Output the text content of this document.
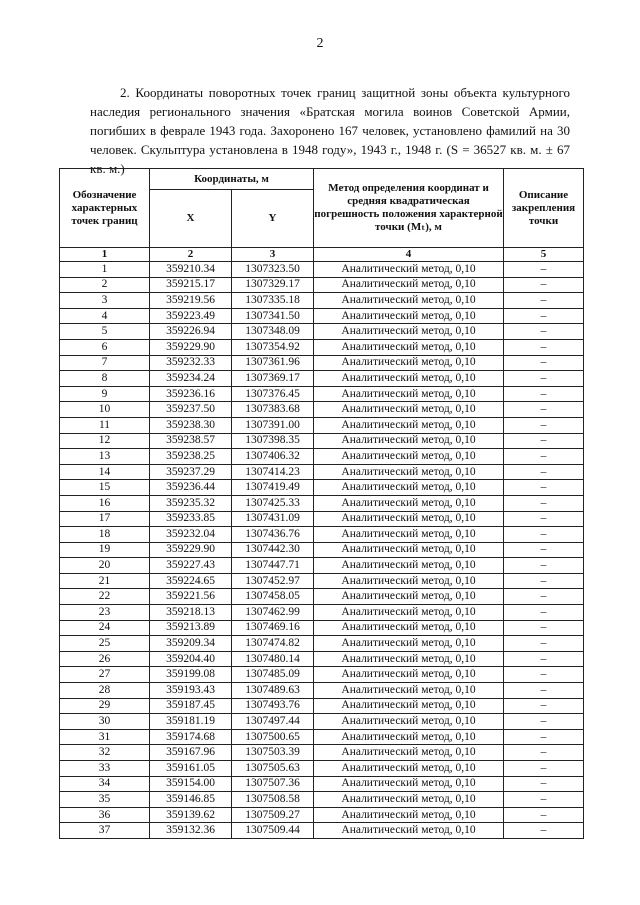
2

2. Координаты поворотных точек границ защитной зоны объекта культурного наследия регионального значения «Братская могила воинов Советской Армии, погибших в феврале 1943 года. Захоронено 167 человек, установлено фамилий на 30 человек. Скульптура установлена в 1948 году», 1943 г., 1948 г. (S = 36527 кв. м. ± 67 кв. м.)

Обозначение характерных точек границ	Координаты, м		Метод определения координат и средняя квадратическая погрешность положения характерной точки (Мₜ), м	Описание закрепления точки
	X	Y		
1	2	3	4	5
1	359210.34	1307323.50	Аналитический метод, 0,10	–
2	359215.17	1307329.17	Аналитический метод, 0,10	–
3	359219.56	1307335.18	Аналитический метод, 0,10	–
4	359223.49	1307341.50	Аналитический метод, 0,10	–
5	359226.94	1307348.09	Аналитический метод, 0,10	–
6	359229.90	1307354.92	Аналитический метод, 0,10	–
7	359232.33	1307361.96	Аналитический метод, 0,10	–
8	359234.24	1307369.17	Аналитический метод, 0,10	–
9	359236.16	1307376.45	Аналитический метод, 0,10	–
10	359237.50	1307383.68	Аналитический метод, 0,10	–
11	359238.30	1307391.00	Аналитический метод, 0,10	–
12	359238.57	1307398.35	Аналитический метод, 0,10	–
13	359238.25	1307406.32	Аналитический метод, 0,10	–
14	359237.29	1307414.23	Аналитический метод, 0,10	–
15	359236.44	1307419.49	Аналитический метод, 0,10	–
16	359235.32	1307425.33	Аналитический метод, 0,10	–
17	359233.85	1307431.09	Аналитический метод, 0,10	–
18	359232.04	1307436.76	Аналитический метод, 0,10	–
19	359229.90	1307442.30	Аналитический метод, 0,10	–
20	359227.43	1307447.71	Аналитический метод, 0,10	–
21	359224.65	1307452.97	Аналитический метод, 0,10	–
22	359221.56	1307458.05	Аналитический метод, 0,10	–
23	359218.13	1307462.99	Аналитический метод, 0,10	–
24	359213.89	1307469.16	Аналитический метод, 0,10	–
25	359209.34	1307474.82	Аналитический метод, 0,10	–
26	359204.40	1307480.14	Аналитический метод, 0,10	–
27	359199.08	1307485.09	Аналитический метод, 0,10	–
28	359193.43	1307489.63	Аналитический метод, 0,10	–
29	359187.45	1307493.76	Аналитический метод, 0,10	–
30	359181.19	1307497.44	Аналитический метод, 0,10	–
31	359174.68	1307500.65	Аналитический метод, 0,10	–
32	359167.96	1307503.39	Аналитический метод, 0,10	–
33	359161.05	1307505.63	Аналитический метод, 0,10	–
34	359154.00	1307507.36	Аналитический метод, 0,10	–
35	359146.85	1307508.58	Аналитический метод, 0,10	–
36	359139.62	1307509.27	Аналитический метод, 0,10	–
37	359132.36	1307509.44	Аналитический метод, 0,10	–
